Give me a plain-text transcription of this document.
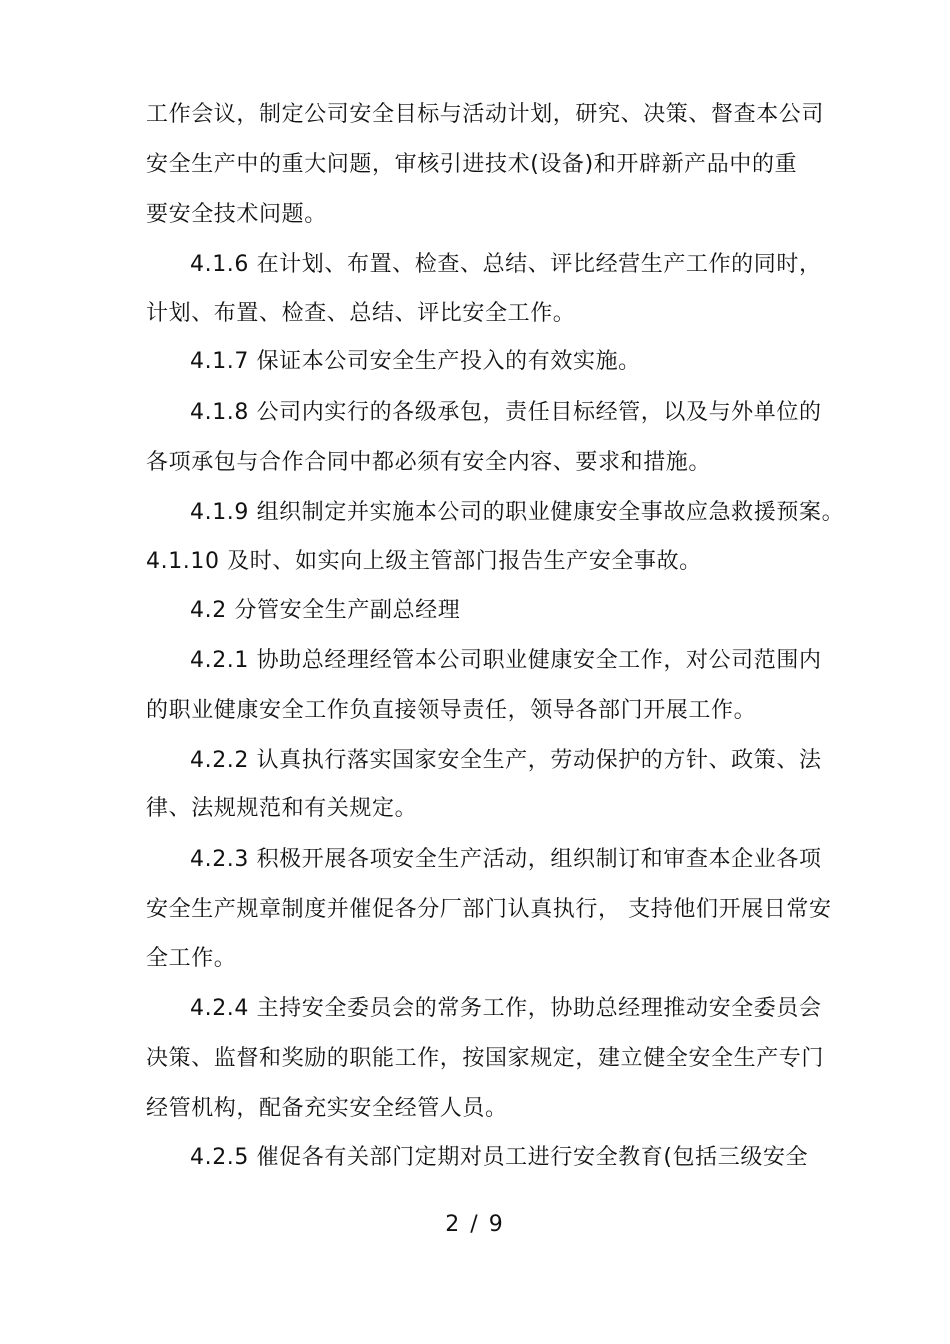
工作会议，制定公司安全目标与活动计划，研究、决策、督查本公司
安全生产中的重大问题，审核引进技术(设备)和开辟新产品中的重
要安全技术问题。
4.1.6 在计划、布置、检查、总结、评比经营生产工作的同时，
计划、布置、检查、总结、评比安全工作。
4.1.7 保证本公司安全生产投入的有效实施。
4.1.8 公司内实行的各级承包，责任目标经管，以及与外单位的
各项承包与合作合同中都必须有安全内容、要求和措施。
4.1.9 组织制定并实施本公司的职业健康安全事故应急救援预案。
4.1.10 及时、如实向上级主管部门报告生产安全事故。
4.2 分管安全生产副总经理
4.2.1 协助总经理经管本公司职业健康安全工作，对公司范围内
的职业健康安全工作负直接领导责任，领导各部门开展工作。
4.2.2 认真执行落实国家安全生产，劳动保护的方针、政策、法
律、法规规范和有关规定。
4.2.3 积极开展各项安全生产活动，组织制订和审查本企业各项
安全生产规章制度并催促各分厂部门认真执行， 支持他们开展日常安
全工作。
4.2.4 主持安全委员会的常务工作，协助总经理推动安全委员会
决策、监督和奖励的职能工作，按国家规定，建立健全安全生产专门
经管机构，配备充实安全经管人员。
4.2.5 催促各有关部门定期对员工进行安全教育(包括三级安全
2 / 9
